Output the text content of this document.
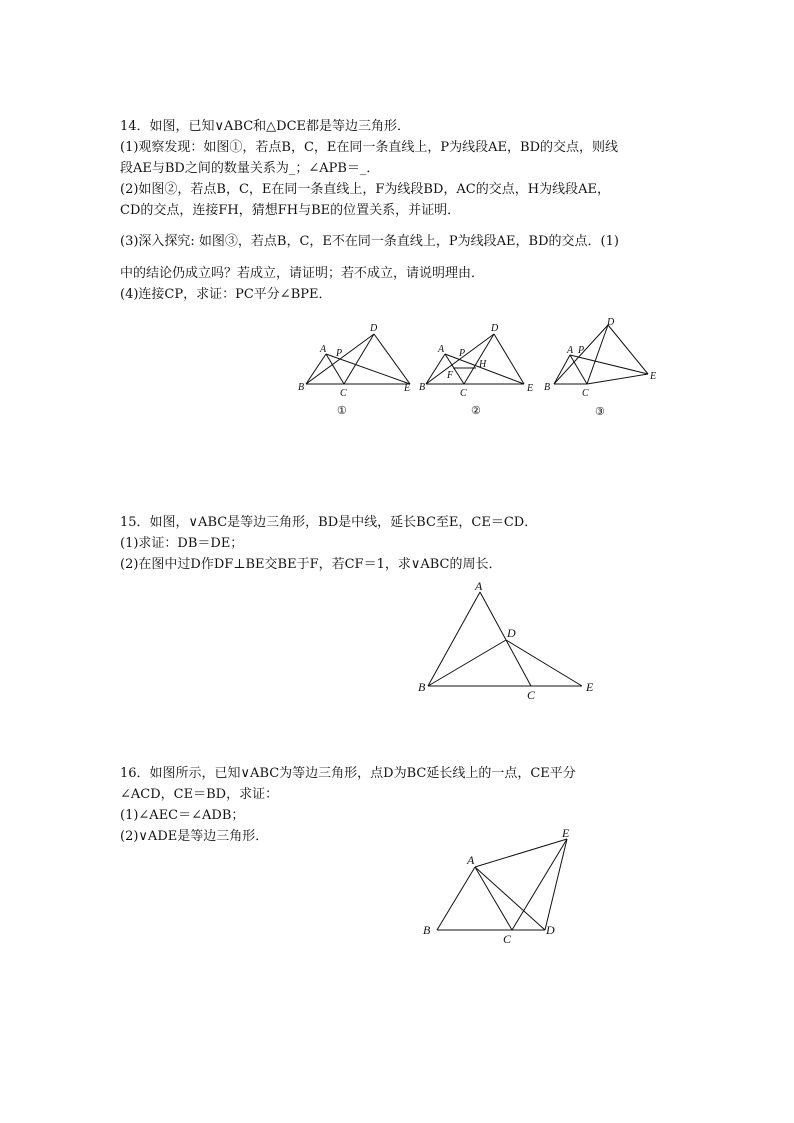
14．如图，已知∨ABC和△DCE都是等边三角形．
(1)观察发现：如图①，若点B，C，E在同一条直线上，P为线段AE，BD的交点，则线
段AE与BD之间的数量关系为_；∠APB＝_．
(2)如图②，若点B，C，E在同一条直线上，F为线段BD，AC的交点，H为线段AE，
CD的交点，连接FH，猜想FH与BE的位置关系，并证明．
(3)深入探究: 如图③，若点B，C，E不在同一条直线上，P为线段AE，BD的交点．(1)
中的结论仍成立吗？若成立，请证明；若不成立，请说明理由．
(4)连接CP，求证：PC平分∠BPE．
A
B
C
D
E
P
①
A
B
C
D
E
P
F
H
②
A
B
C
D
E
P
③
15．如图，∨ABC是等边三角形，BD是中线，延长BC至E，CE＝CD．
(1)求证：DB＝DE；
(2)在图中过D作DF⊥BE交BE于F，若CF＝1，求∨ABC的周长．
A
B
C
D
E
16．如图所示，已知∨ABC为等边三角形，点D为BC延长线上的一点，CE平分
∠ACD，CE＝BD，求证：
(1)∠AEC＝∠ADB；
(2)∨ADE是等边三角形．
A
B
C
D
E
